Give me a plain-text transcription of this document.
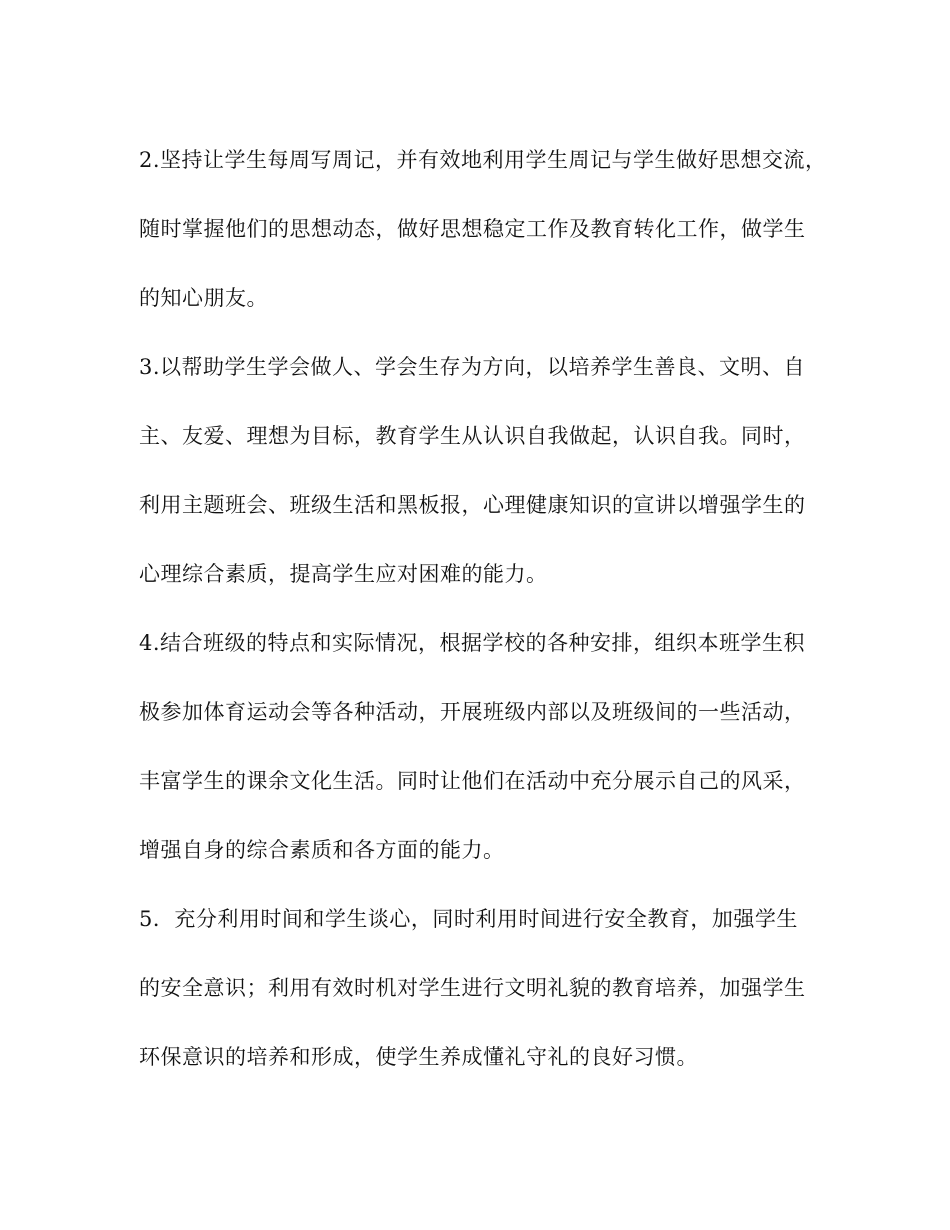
2.坚持让学生每周写周记，并有效地利用学生周记与学生做好思想交流，
随时掌握他们的思想动态，做好思想稳定工作及教育转化工作，做学生
的知心朋友。
3.以帮助学生学会做人、学会生存为方向，以培养学生善良、文明、自
主、友爱、理想为目标，教育学生从认识自我做起，认识自我。同时，
利用主题班会、班级生活和黑板报，心理健康知识的宣讲以增强学生的
心理综合素质，提高学生应对困难的能力。
4.结合班级的特点和实际情况，根据学校的各种安排，组织本班学生积
极参加体育运动会等各种活动，开展班级内部以及班级间的一些活动，
丰富学生的课余文化生活。同时让他们在活动中充分展示自己的风采，
增强自身的综合素质和各方面的能力。
5．充分利用时间和学生谈心，同时利用时间进行安全教育，加强学生
的安全意识；利用有效时机对学生进行文明礼貌的教育培养，加强学生
环保意识的培养和形成，使学生养成懂礼守礼的良好习惯。
